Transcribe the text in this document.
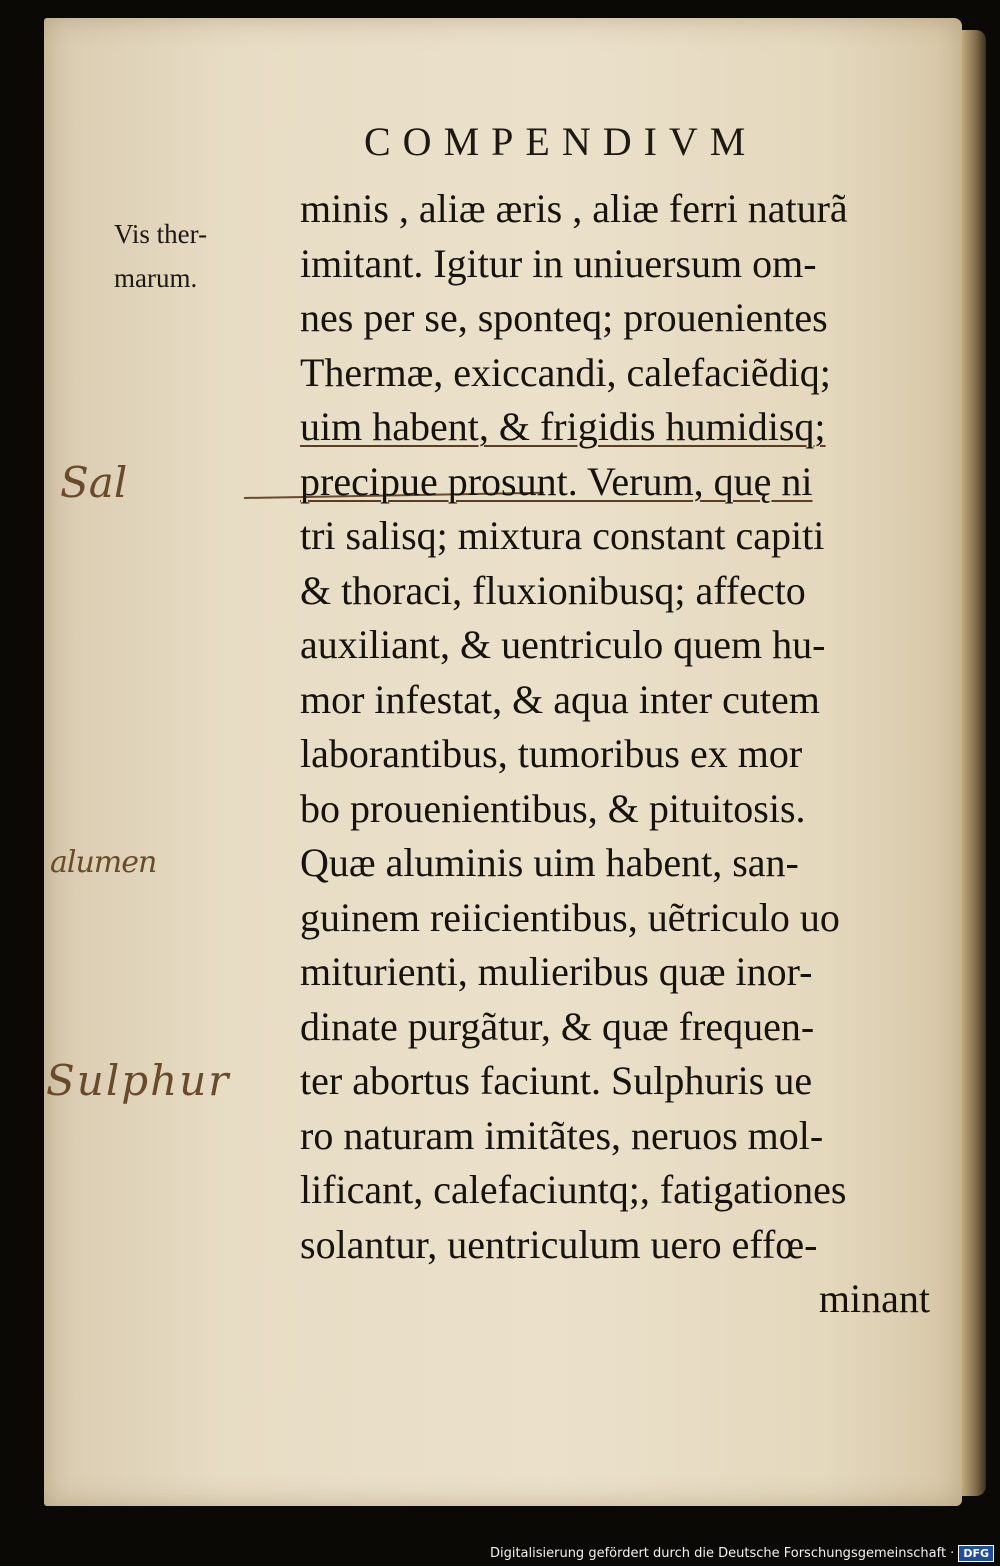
COMPENDIVM
Vis ther-
marum.
Sal
alumen
Sulphur
minis , aliæ æris , aliæ ferri naturã
imitant. Igitur in uniuersum om-
nes per se, sponteq; prouenientes
Thermæ, exiccandi, calefaciẽdiq;
uim habent, & frigidis humidisq;
precipue prosunt. Verum, quę ni
tri salisq; mixtura constant capiti
& thoraci, fluxionibusq; affecto
auxiliant, & uentriculo quem hu-
mor infestat, & aqua inter cutem
laborantibus, tumoribus ex mor
bo prouenientibus, & pituitosis.
Quæ aluminis uim habent, san-
guinem reiicientibus, uẽtriculo uo
miturienti, mulieribus quæ inor-
dinate purgãtur, & quæ frequen-
ter abortus faciunt. Sulphuris ue
ro naturam imitãtes, neruos mol-
lificant, calefaciuntq;, fatigationes
solantur, uentriculum uero effœ-
minant
Digitalisierung gefördert durch die Deutsche Forschungsgemeinschaft · DFG
